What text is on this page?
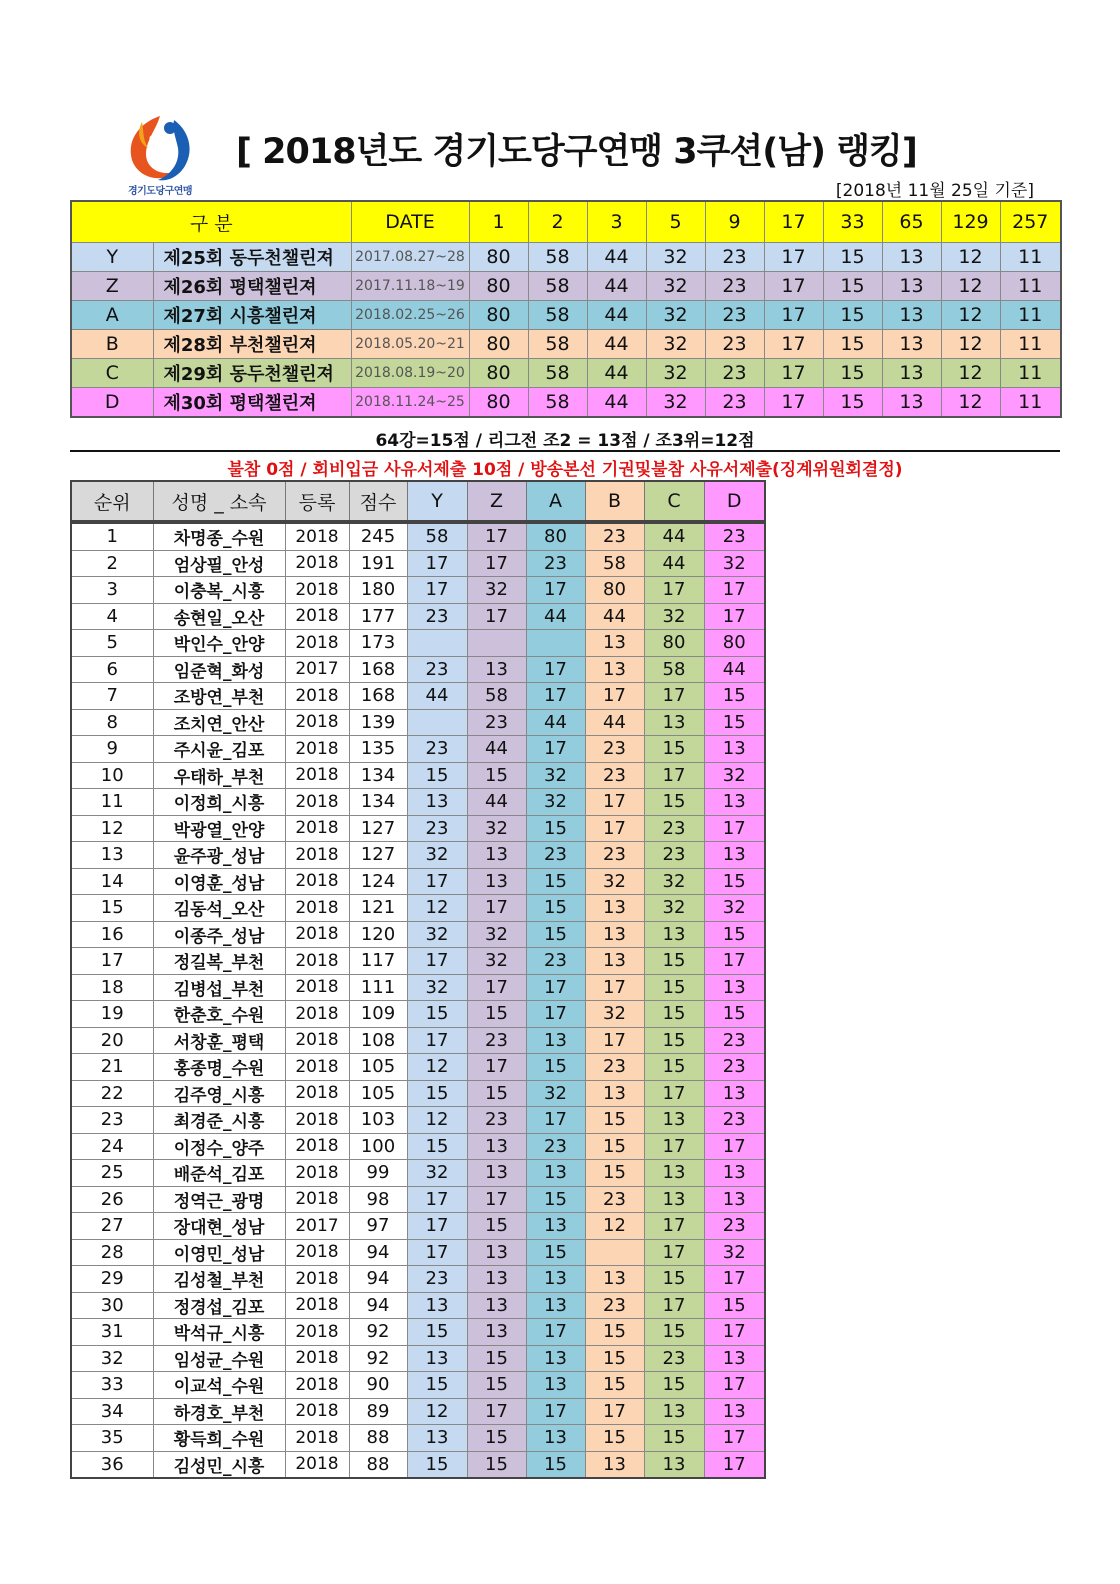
경기도당구연맹
[ 2018년도 경기도당구연맹 3쿠션(남) 랭킹]
[2018년 11월 25일 기준]
구 분		DATE	1	2	3	5	9	17	33	65	129	257
Y	제25회 동두천챌린져	2017.08.27~28	80	58	44	32	23	17	15	13	12	11
Z	제26회 평택챌린져	2017.11.18~19	80	58	44	32	23	17	15	13	12	11
A	제27회 시흥챌린져	2018.02.25~26	80	58	44	32	23	17	15	13	12	11
B	제28회 부천챌린져	2018.05.20~21	80	58	44	32	23	17	15	13	12	11
C	제29회 동두천챌린져	2018.08.19~20	80	58	44	32	23	17	15	13	12	11
D	제30회 평택챌린져	2018.11.24~25	80	58	44	32	23	17	15	13	12	11
64강=15점 / 리그전 조2 = 13점 / 조3위=12점
불참 0점 / 회비입금 사유서제출 10점 / 방송본선 기권및불참 사유서제출(징계위원회결정)
순위	성명 _ 소속	등록	점수	Y	Z	A	B	C	D
1	차명종_수원	2018	245	58	17	80	23	44	23
2	엄상필_안성	2018	191	17	17	23	58	44	32
3	이충복_시흥	2018	180	17	32	17	80	17	17
4	송현일_오산	2018	177	23	17	44	44	32	17
5	박인수_안양	2018	173				13	80	80
6	임준혁_화성	2017	168	23	13	17	13	58	44
7	조방연_부천	2018	168	44	58	17	17	17	15
8	조치연_안산	2018	139		23	44	44	13	15
9	주시윤_김포	2018	135	23	44	17	23	15	13
10	우태하_부천	2018	134	15	15	32	23	17	32
11	이정희_시흥	2018	134	13	44	32	17	15	13
12	박광열_안양	2018	127	23	32	15	17	23	17
13	윤주광_성남	2018	127	32	13	23	23	23	13
14	이영훈_성남	2018	124	17	13	15	32	32	15
15	김동석_오산	2018	121	12	17	15	13	32	32
16	이종주_성남	2018	120	32	32	15	13	13	15
17	정길복_부천	2018	117	17	32	23	13	15	17
18	김병섭_부천	2018	111	32	17	17	17	15	13
19	한춘호_수원	2018	109	15	15	17	32	15	15
20	서창훈_평택	2018	108	17	23	13	17	15	23
21	홍종명_수원	2018	105	12	17	15	23	15	23
22	김주영_시흥	2018	105	15	15	32	13	17	13
23	최경준_시흥	2018	103	12	23	17	15	13	23
24	이정수_양주	2018	100	15	13	23	15	17	17
25	배준석_김포	2018	99	32	13	13	15	13	13
26	정역근_광명	2018	98	17	17	15	23	13	13
27	장대현_성남	2017	97	17	15	13	12	17	23
28	이영민_성남	2018	94	17	13	15		17	32
29	김성철_부천	2018	94	23	13	13	13	15	17
30	정경섭_김포	2018	94	13	13	13	23	17	15
31	박석규_시흥	2018	92	15	13	17	15	15	17
32	임성균_수원	2018	92	13	15	13	15	23	13
33	이교석_수원	2018	90	15	15	13	15	15	17
34	하경호_부천	2018	89	12	17	17	17	13	13
35	황득희_수원	2018	88	13	15	13	15	15	17
36	김성민_시흥	2018	88	15	15	15	13	13	17
